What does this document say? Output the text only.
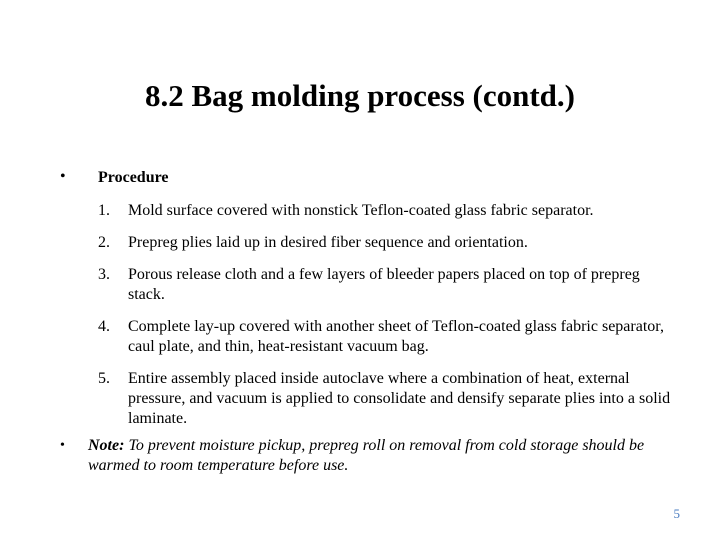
8.2 Bag molding process (contd.)
• Procedure
1.	Mold surface covered with nonstick Teflon-coated glass fabric separator.
2.	Prepreg plies laid up in desired fiber sequence and orientation.
3.	Porous release cloth and a few layers of bleeder papers placed on top of prepreg stack.
4.	Complete lay-up covered with another sheet of Teflon-coated glass fabric separator, caul plate, and thin, heat-resistant vacuum bag.
5.	Entire assembly placed inside autoclave where a combination of heat, external pressure, and vacuum is applied to consolidate and densify separate plies into a solid laminate.
• Note: To prevent moisture pickup, prepreg roll on removal from cold storage should be warmed to room temperature before use.
5
